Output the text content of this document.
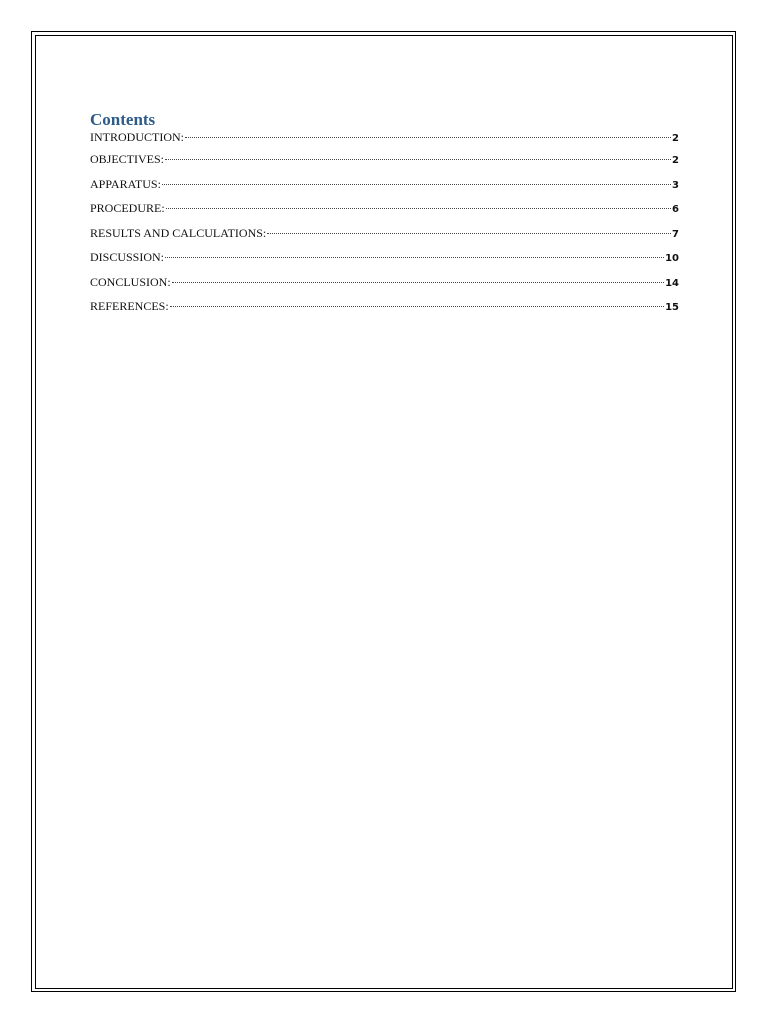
Contents
INTRODUCTION:	2
OBJECTIVES:	2
APPARATUS:	3
PROCEDURE:	6
RESULTS AND CALCULATIONS:	7
DISCUSSION:	10
CONCLUSION:	14
REFERENCES:	15
